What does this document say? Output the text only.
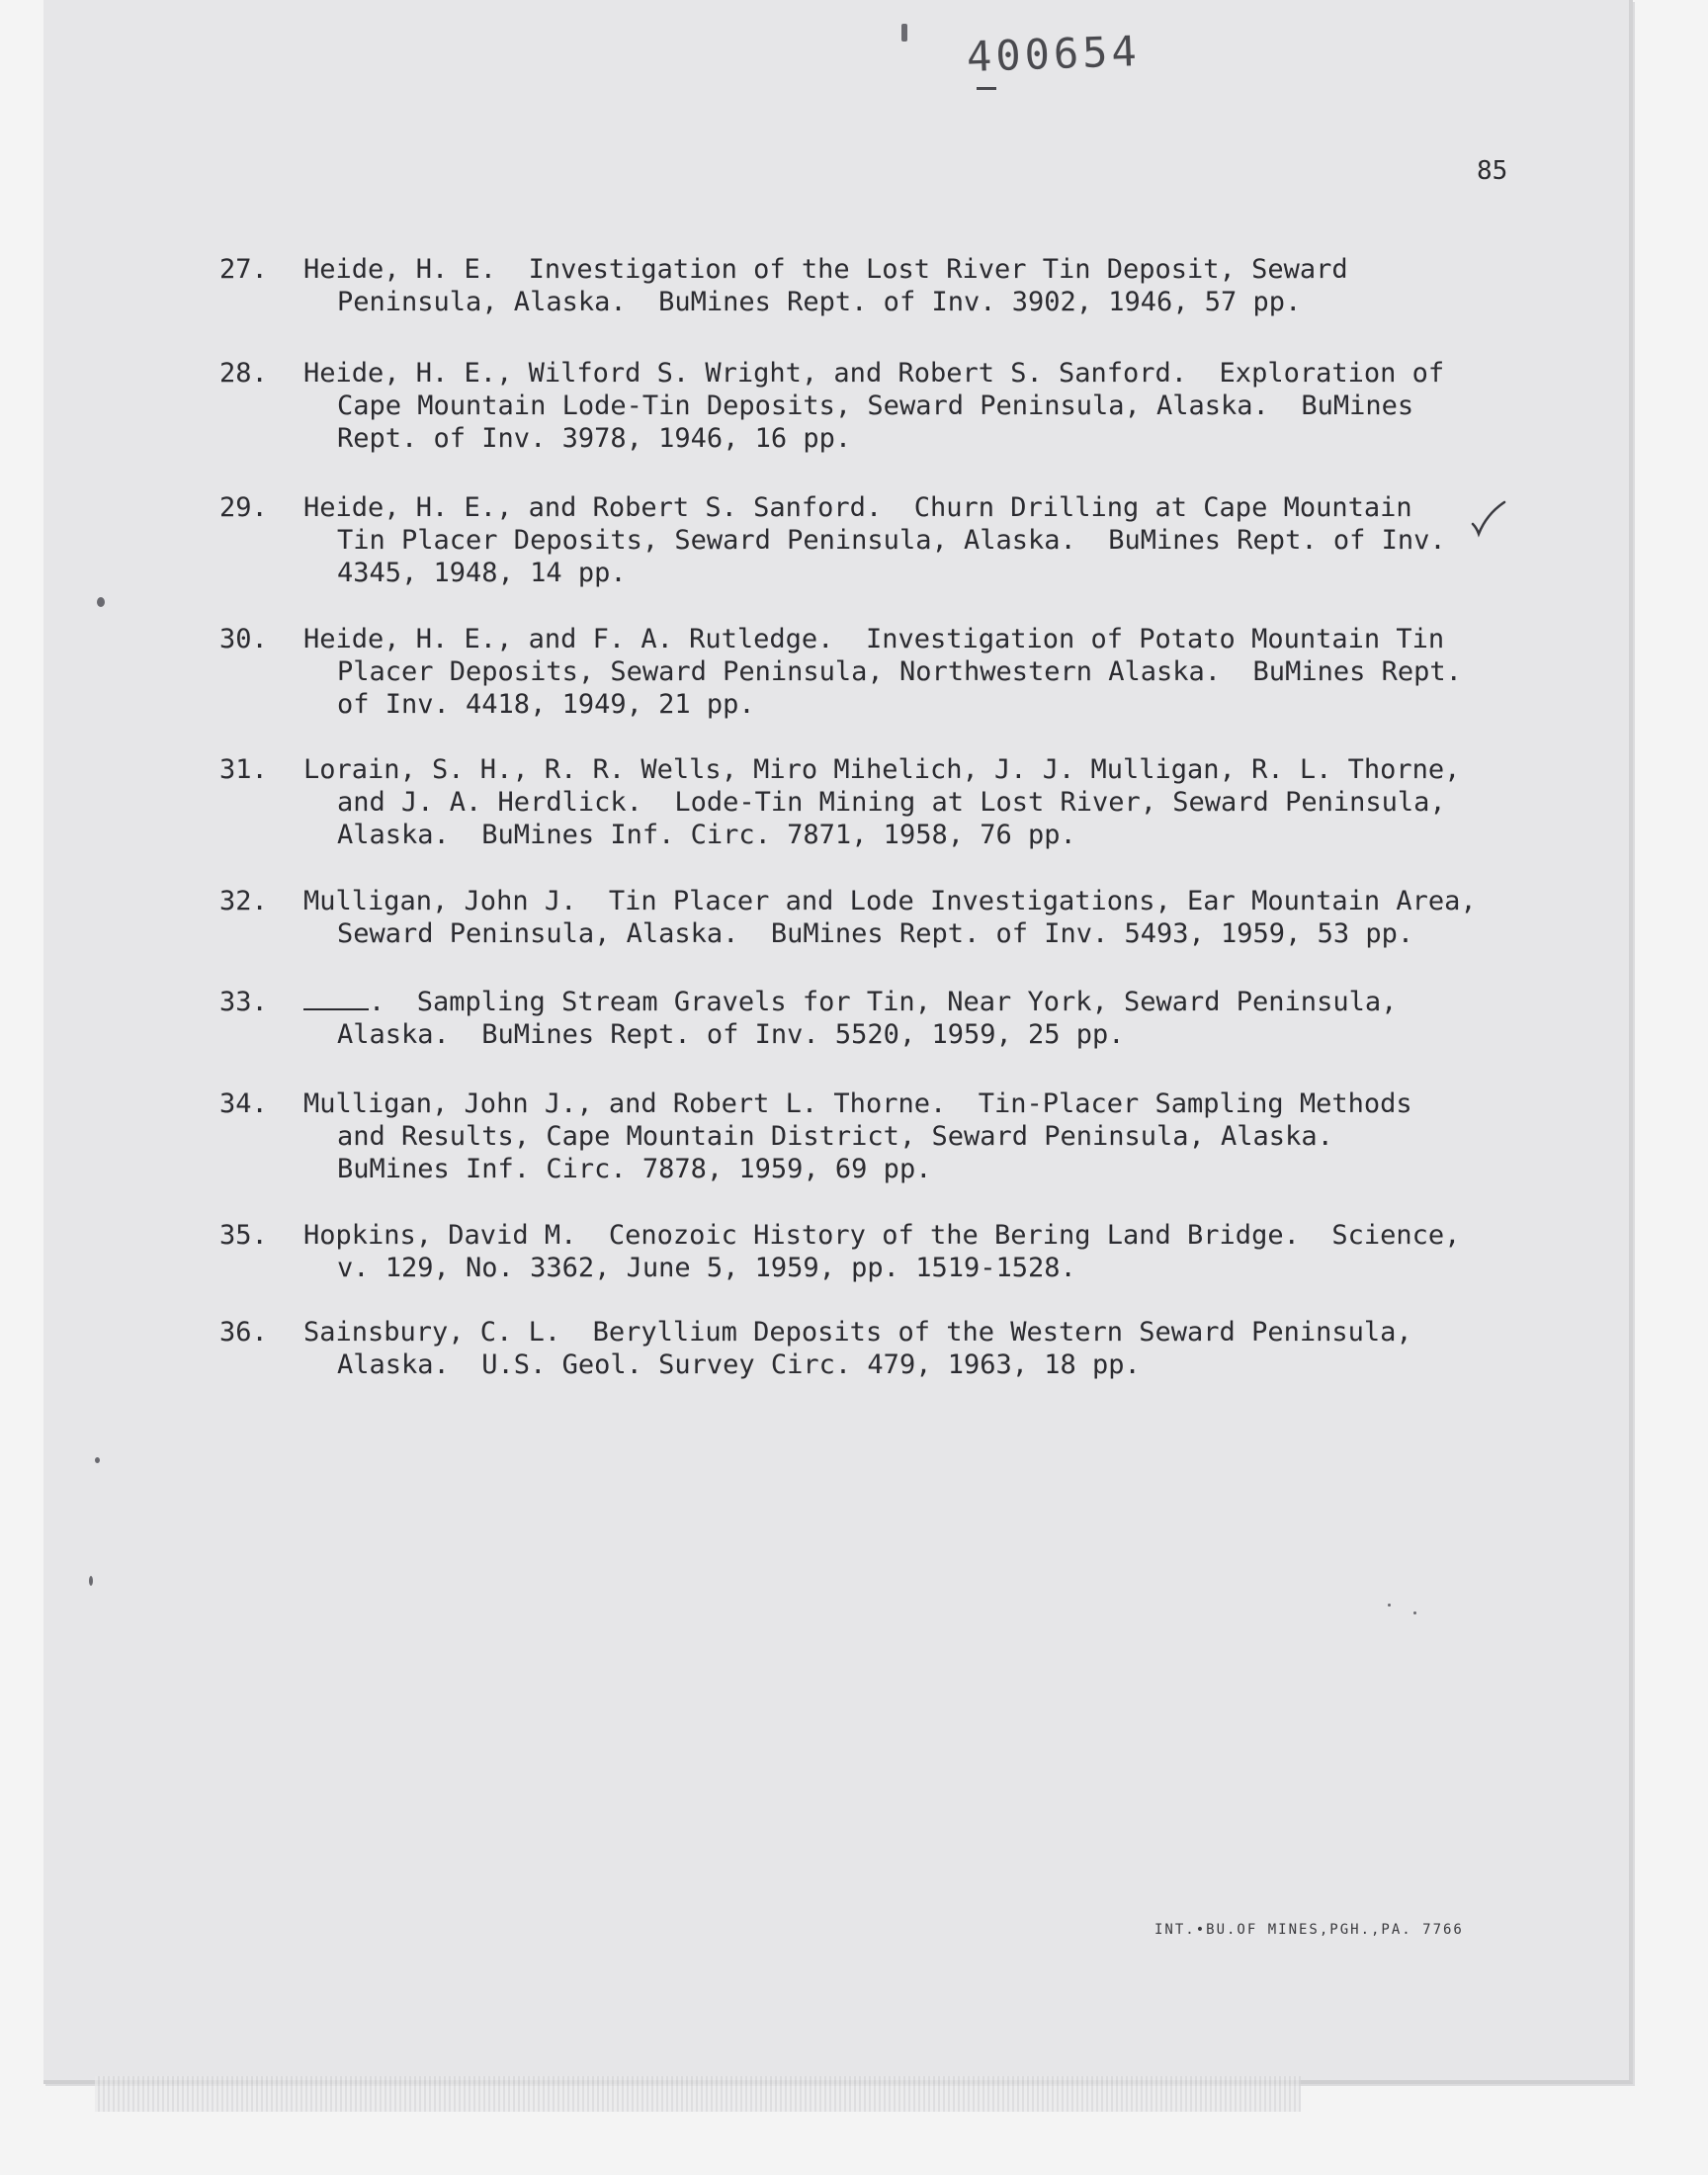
400654
85
27.	Heide, H. E.  Investigation of the Lost River Tin Deposit, Seward
Peninsula, Alaska.  BuMines Rept. of Inv. 3902, 1946, 57 pp.
28.	Heide, H. E., Wilford S. Wright, and Robert S. Sanford.  Exploration of
Cape Mountain Lode-Tin Deposits, Seward Peninsula, Alaska.  BuMines
Rept. of Inv. 3978, 1946, 16 pp.
29.	Heide, H. E., and Robert S. Sanford.  Churn Drilling at Cape Mountain
Tin Placer Deposits, Seward Peninsula, Alaska.  BuMines Rept. of Inv.
4345, 1948, 14 pp.
30.	Heide, H. E., and F. A. Rutledge.  Investigation of Potato Mountain Tin
Placer Deposits, Seward Peninsula, Northwestern Alaska.  BuMines Rept.
of Inv. 4418, 1949, 21 pp.
31.	Lorain, S. H., R. R. Wells, Miro Mihelich, J. J. Mulligan, R. L. Thorne,
and J. A. Herdlick.  Lode-Tin Mining at Lost River, Seward Peninsula,
Alaska.  BuMines Inf. Circ. 7871, 1958, 76 pp.
32.	Mulligan, John J.  Tin Placer and Lode Investigations, Ear Mountain Area,
Seward Peninsula, Alaska.  BuMines Rept. of Inv. 5493, 1959, 53 pp.
33.	.  Sampling Stream Gravels for Tin, Near York, Seward Peninsula,
Alaska.  BuMines Rept. of Inv. 5520, 1959, 25 pp.
34.	Mulligan, John J., and Robert L. Thorne.  Tin-Placer Sampling Methods
and Results, Cape Mountain District, Seward Peninsula, Alaska.
BuMines Inf. Circ. 7878, 1959, 69 pp.
35.	Hopkins, David M.  Cenozoic History of the Bering Land Bridge.  Science,
v. 129, No. 3362, June 5, 1959, pp. 1519-1528.
36.	Sainsbury, C. L.  Beryllium Deposits of the Western Seward Peninsula,
Alaska.  U.S. Geol. Survey Circ. 479, 1963, 18 pp.
INT.•BU.OF MINES,PGH.,PA. 7766
